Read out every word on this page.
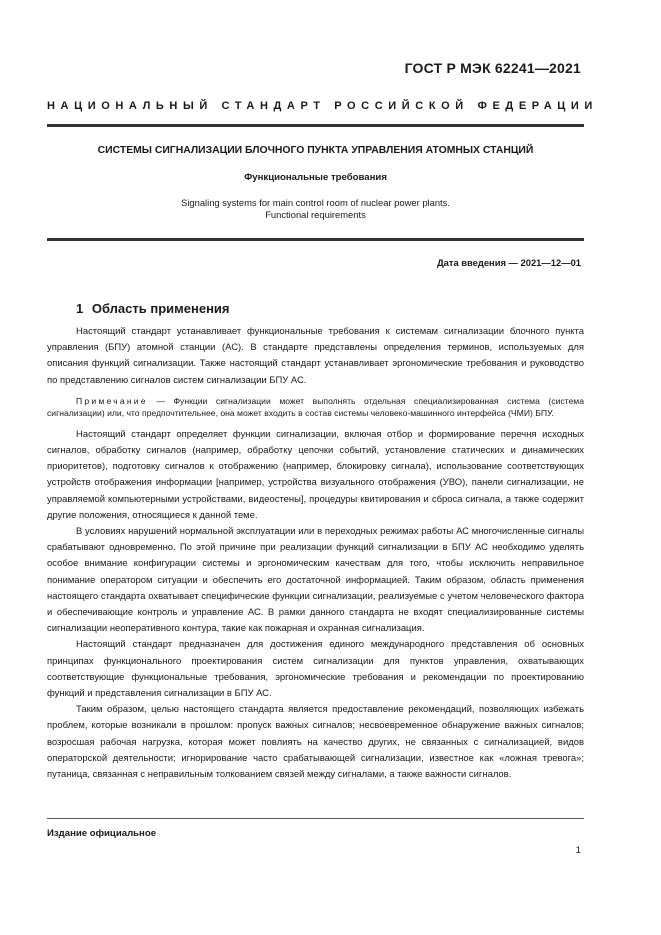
ГОСТ Р МЭК 62241—2021
НАЦИОНАЛЬНЫЙ СТАНДАРТ РОССИЙСКОЙ ФЕДЕРАЦИИ
СИСТЕМЫ СИГНАЛИЗАЦИИ БЛОЧНОГО ПУНКТА УПРАВЛЕНИЯ АТОМНЫХ СТАНЦИЙ
Функциональные требования
Signaling systems for main control room of nuclear power plants.
Functional requirements
Дата введения — 2021—12—01
1 Область применения

Настоящий стандарт устанавливает функциональные требования к системам сигнализации блочного пункта управления (БПУ) атомной станции (АС). В стандарте представлены определения терминов, используемых для описания функций сигнализации. Также настоящий стандарт устанавливает эргономические требования и руководство по представлению сигналов систем сигнализации БПУ АС.

Примечание — Функции сигнализации может выполнять отдельная специализированная система (система сигнализации) или, что предпочтительнее, она может входить в состав системы человеко-машинного интерфейса (ЧМИ) БПУ.

Настоящий стандарт определяет функции сигнализации, включая отбор и формирование перечня исходных сигналов, обработку сигналов (например, обработку цепочки событий, установление статических и динамических приоритетов), подготовку сигналов к отображению (например, блокировку сигнала), использование соответствующих устройств отображения информации [например, устройства визуального отображения (УВО), панели сигнализации, не управляемой компьютерными устройствами, видеостены], процедуры квитирования и сброса сигнала, а также содержит другие положения, относящиеся к данной теме.

В условиях нарушений нормальной эксплуатации или в переходных режимах работы АС многочисленные сигналы срабатывают одновременно. По этой причине при реализации функций сигнализации в БПУ АС необходимо уделять особое внимание конфигурации системы и эргономическим качествам для того, чтобы исключить неправильное понимание оператором ситуации и обеспечить его достаточной информацией. Таким образом, область применения настоящего стандарта охватывает специфические функции сигнализации, реализуемые с учетом человеческого фактора и обеспечивающие контроль и управление АС. В рамки данного стандарта не входят специализированные системы сигнализации неоперативного контура, такие как пожарная и охранная сигнализация.

Настоящий стандарт предназначен для достижения единого международного представления об основных принципах функционального проектирования систем сигнализации для пунктов управления, охватывающих соответствующие функциональные требования, эргономические требования и рекомендации по проектированию функций и представления сигнализации в БПУ АС.

Таким образом, целью настоящего стандарта является предоставление рекомендаций, позволяющих избежать проблем, которые возникали в прошлом: пропуск важных сигналов; несвоевременное обнаружение важных сигналов; возросшая рабочая нагрузка, которая может повлиять на качество других, не связанных с сигнализацией, видов операторской деятельности; игнорирование часто срабатывающей сигнализации, известное как «ложная тревога»; путаница, связанная с неправильным толкованием связей между сигналами, а также важности сигналов.

Издание официальное
1
